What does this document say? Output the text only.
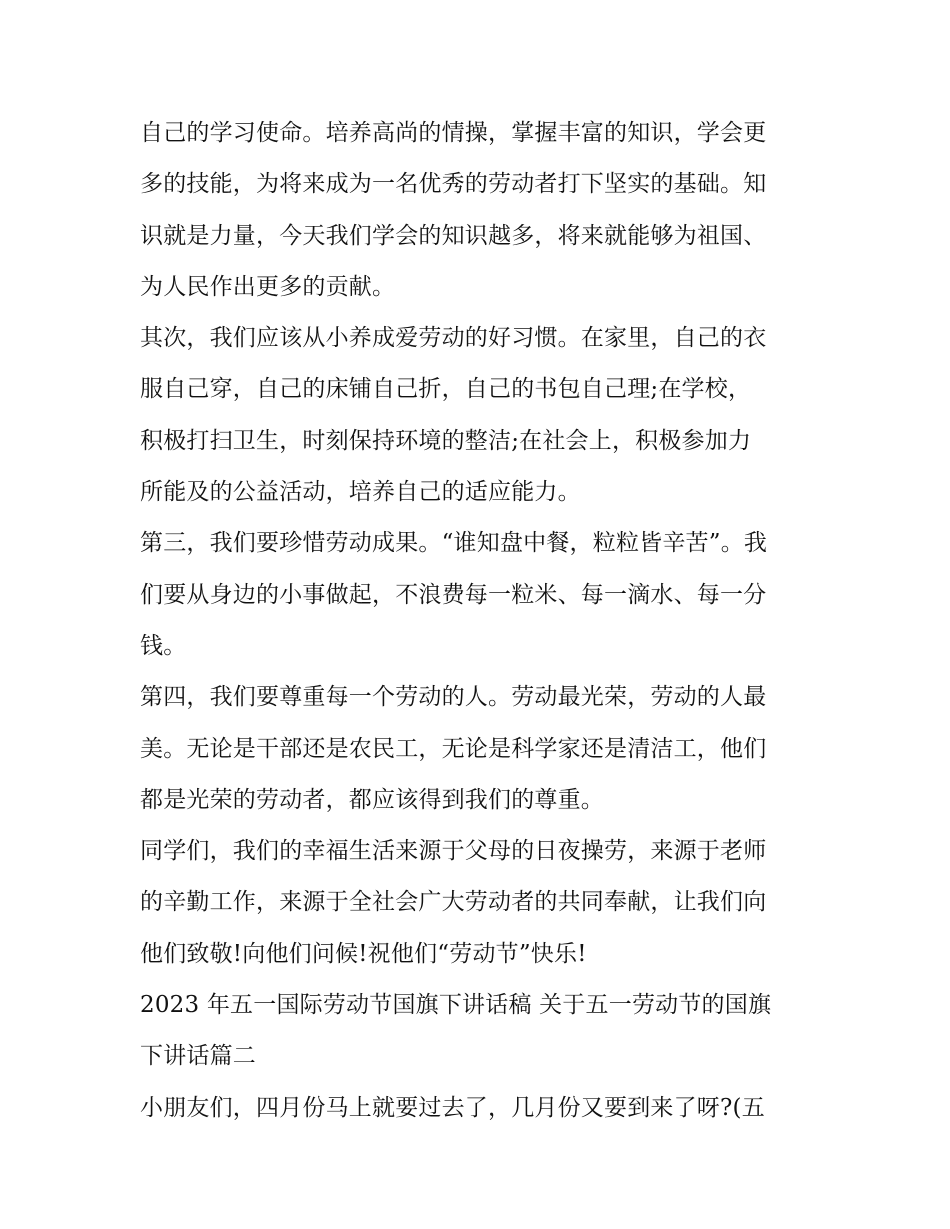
自己的学习使命。培养高尚的情操，掌握丰富的知识，学会更
多的技能，为将来成为一名优秀的劳动者打下坚实的基础。知
识就是力量，今天我们学会的知识越多，将来就能够为祖国、
为人民作出更多的贡献。
其次，我们应该从小养成爱劳动的好习惯。在家里，自己的衣
服自己穿，自己的床铺自己折，自己的书包自己理;在学校，
积极打扫卫生，时刻保持环境的整洁;在社会上，积极参加力
所能及的公益活动，培养自己的适应能力。
第三，我们要珍惜劳动成果。“谁知盘中餐，粒粒皆辛苦”。我
们要从身边的小事做起，不浪费每一粒米、每一滴水、每一分
钱。
第四，我们要尊重每一个劳动的人。劳动最光荣，劳动的人最
美。无论是干部还是农民工，无论是科学家还是清洁工，他们
都是光荣的劳动者，都应该得到我们的尊重。
同学们，我们的幸福生活来源于父母的日夜操劳，来源于老师
的辛勤工作，来源于全社会广大劳动者的共同奉献，让我们向
他们致敬!向他们问候!祝他们“劳动节”快乐!
2023 年五一国际劳动节国旗下讲话稿 关于五一劳动节的国旗
下讲话篇二
小朋友们，四月份马上就要过去了，几月份又要到来了呀?(五
